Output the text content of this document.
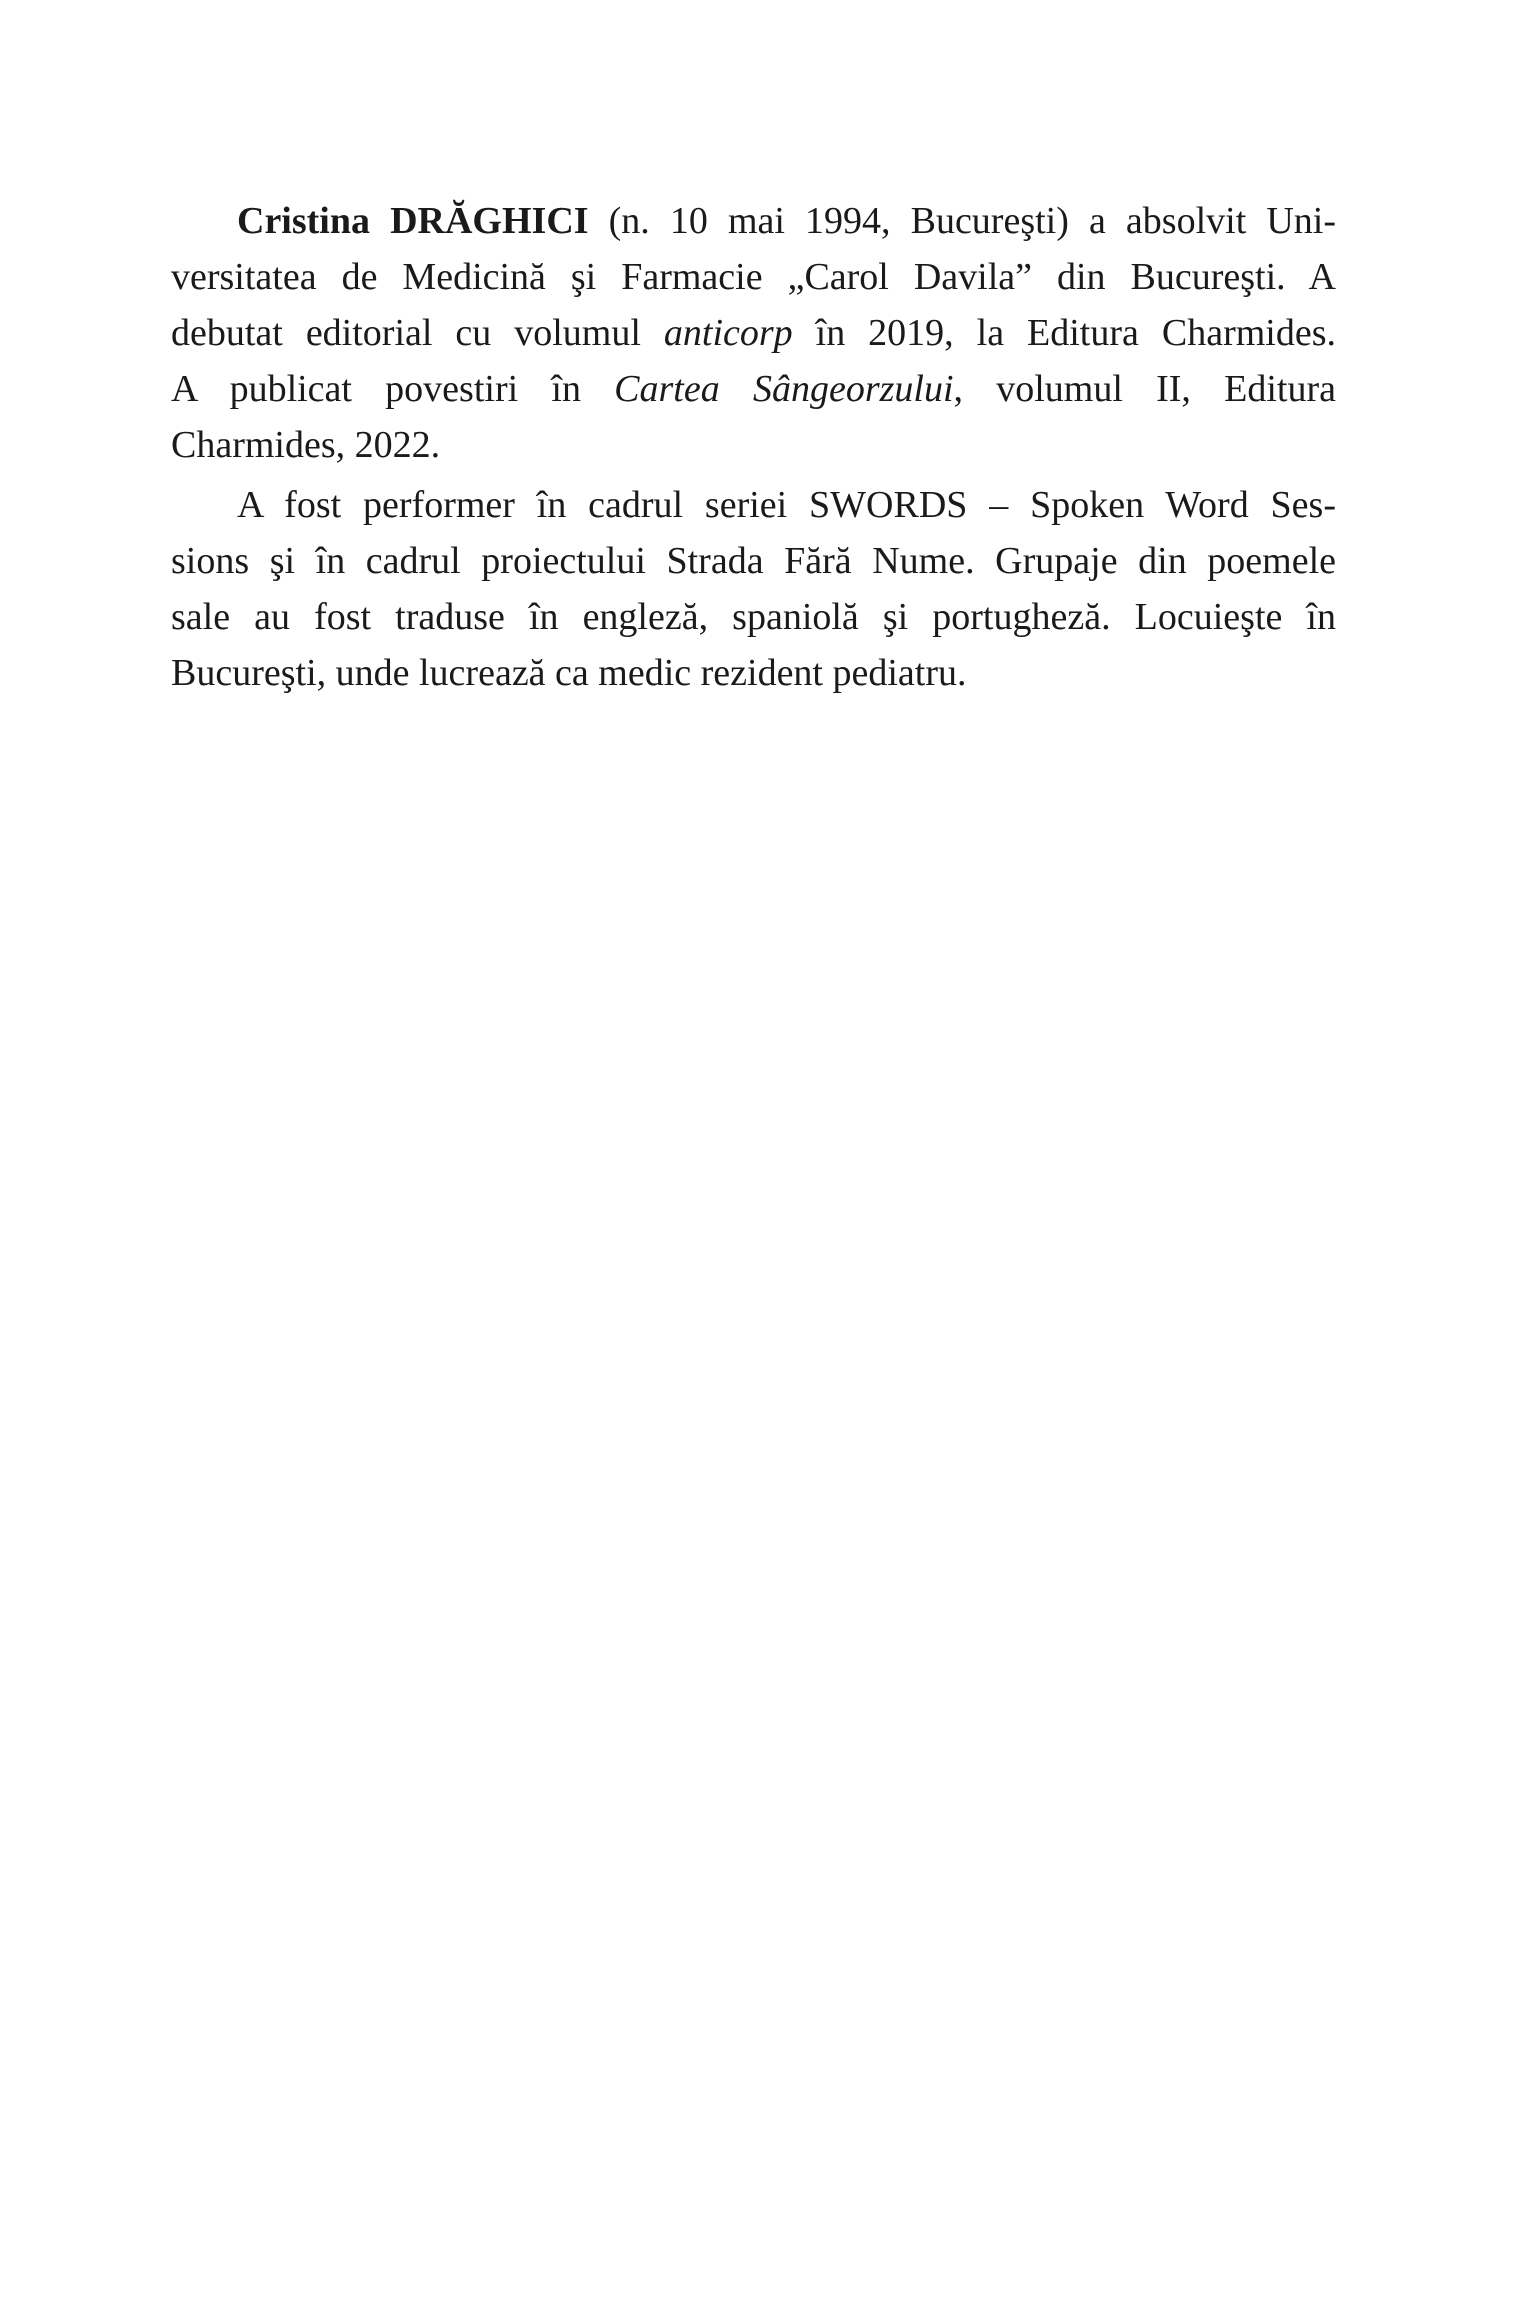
Cristina DRĂGHICI (n. 10 mai 1994, Bucureşti) a absolvit Uni-
versitatea de Medicină şi Farmacie „Carol Davila” din Bucureşti. A
debutat editorial cu volumul anticorp în 2019, la Editura Charmides.
A publicat povestiri în Cartea Sângeorzului, volumul II, Editura
Charmides, 2022.
A fost performer în cadrul seriei SWORDS – Spoken Word Ses-
sions şi în cadrul proiectului Strada Fără Nume. Grupaje din poemele
sale au fost traduse în engleză, spaniolă şi portugheză. Locuieşte în
Bucureşti, unde lucrează ca medic rezident pediatru.
